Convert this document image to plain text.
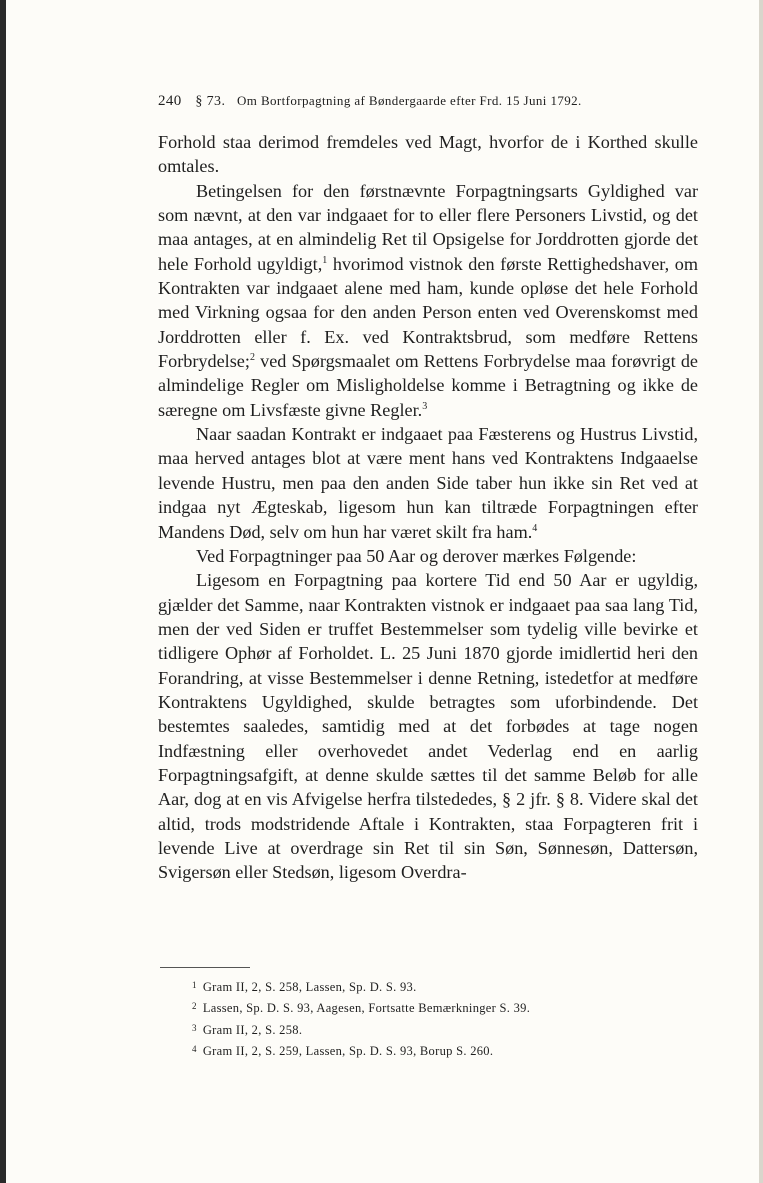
240 § 73. Om Bortforpagtning af Bøndergaarde efter Frd. 15 Juni 1792.

Forhold staa derimod fremdeles ved Magt, hvorfor de i Korthed skulle omtales.

Betingelsen for den førstnævnte Forpagtningsarts Gyldighed var som nævnt, at den var indgaaet for to eller flere Personers Livstid, og det maa antages, at en almindelig Ret til Opsigelse for Jorddrotten gjorde det hele Forhold ugyldigt,$^1$ hvorimod vistnok den første Rettighedshaver, om Kontrakten var indgaaet alene med ham, kunde opløse det hele Forhold med Virkning ogsaa for den anden Person enten ved Overenskomst med Jorddrotten eller f. Ex. ved Kontraktsbrud, som medføre Rettens Forbrydelse;$^2$ ved Spørgsmaalet om Rettens Forbrydelse maa forøvrigt de almindelige Regler om Misligholdelse komme i Betragtning og ikke de særegne om Livsfæste givne Regler.$^3$

Naar saadan Kontrakt er indgaaet paa Fæsterens og Hustrus Livstid, maa herved antages blot at være ment hans ved Kontraktens Indgaaelse levende Hustru, men paa den anden Side taber hun ikke sin Ret ved at indgaa nyt Ægteskab, ligesom hun kan tiltræde Forpagtningen efter Mandens Død, selv om hun har været skilt fra ham.$^4$

Ved Forpagtninger paa 50 Aar og derover mærkes Følgende:

Ligesom en Forpagtning paa kortere Tid end 50 Aar er ugyldig, gjælder det Samme, naar Kontrakten vistnok er indgaaet paa saa lang Tid, men der ved Siden er truffet Bestemmelser som tydelig ville bevirke et tidligere Ophør af Forholdet. L. 25 Juni 1870 gjorde imidlertid heri den Forandring, at visse Bestemmelser i denne Retning, istedetfor at medføre Kontraktens Ugyldighed, skulde betragtes som uforbindende. Det bestemtes saaledes, samtidig med at det forbødes at tage nogen Indfæstning eller overhovedet andet Vederlag end en aarlig Forpagtningsafgift, at denne skulde sættes til det samme Beløb for alle Aar, dog at en vis Afvigelse herfra tilstededes, § 2 jfr. § 8. Videre skal det altid, trods modstridende Aftale i Kontrakten, staa Forpagteren frit i levende Live at overdrage sin Ret til sin Søn, Sønnesøn, Dattersøn, Svigersøn eller Stedsøn, ligesom Overdra-

$^1$ Gram II, 2, S. 258, Lassen, Sp. D. S. 93.
$^2$ Lassen, Sp. D. S. 93, Aagesen, Fortsatte Bemærkninger S. 39.
$^3$ Gram II, 2, S. 258.
$^4$ Gram II, 2, S. 259, Lassen, Sp. D. S. 93, Borup S. 260.
